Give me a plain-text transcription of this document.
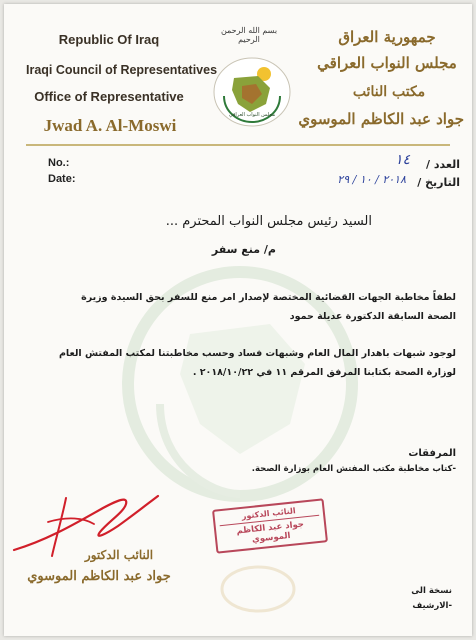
Republic Of Iraq
Iraqi Council of Representatives
Office of Representative
Jwad A. Al-Moswi
بسم الله الرحمن الرحيم
مجلس النواب العراقي
جمهورية العراق
مجلس النواب العراقي
مكتب النائب
جواد عبد الكاظم الموسوي
No.:
Date:
العدد /
١٤
التاريخ /
٢٠١٨ / ١٠ / ٢٩
السيد رئيس مجلس النواب المحترم ...
م/ منع سفر
لطفاً مخاطبة الجهات القضائية المختصة لإصدار امر منع للسفر بحق السيدة وزيرة
الصحة السابقة الدكتورة عديلة حمود
لوجود شبهات باهدار المال العام وشبهات فساد وحسب مخاطبتنا لمكتب المفتش العام
لوزارة الصحة بكتابنا المرفق المرقم ١١ في ٢٠١٨/١٠/٢٢ .
المرفقات
-كتاب مخاطبة مكتب المفتش العام بوزارة الصحة.
النائب الدكتور
جواد عبد الكاظم الموسوي
النائب الدكتور
جواد عبد الكاظم الموسوي
نسخة الى
-الارشيف
